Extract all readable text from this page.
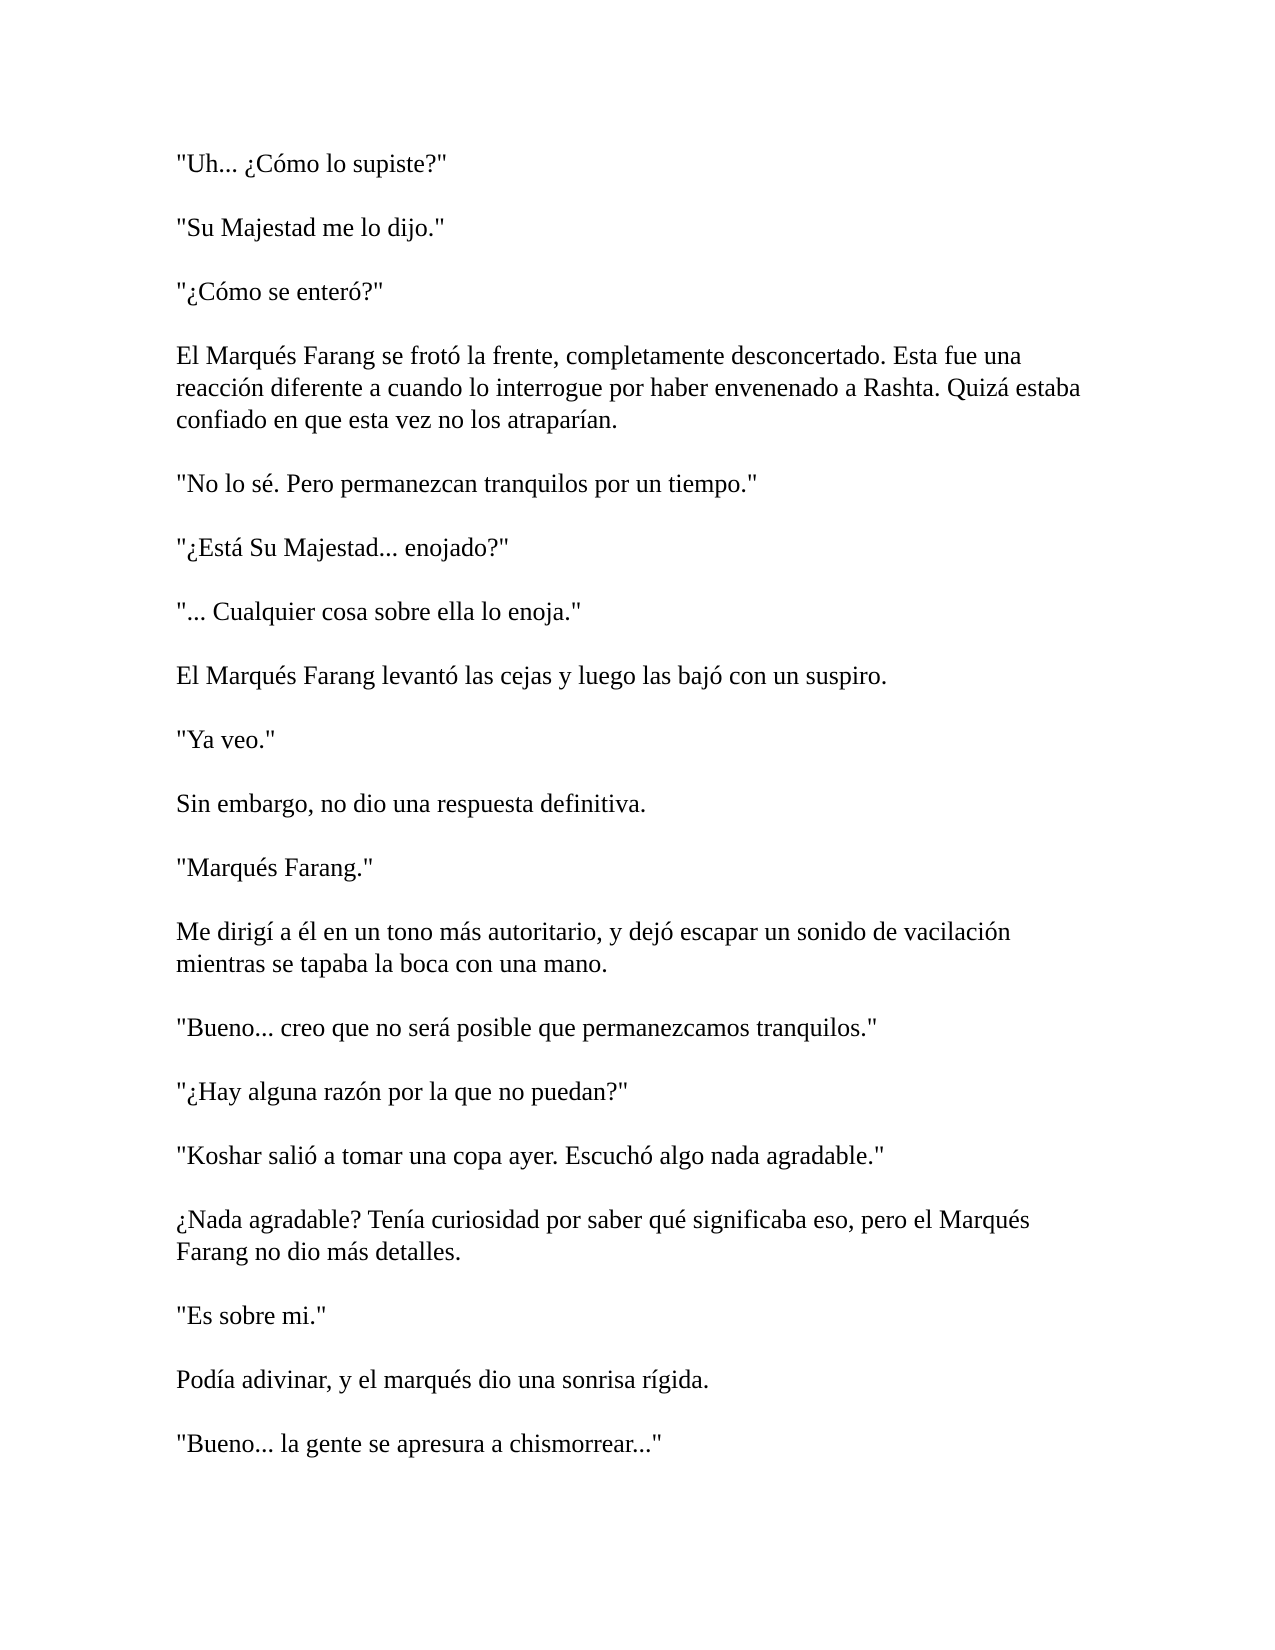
"Uh... ¿Cómo lo supiste?"

"Su Majestad me lo dijo."

"¿Cómo se enteró?"

El Marqués Farang se frotó la frente, completamente desconcertado. Esta fue una reacción diferente a cuando lo interrogue por haber envenenado a Rashta. Quizá estaba confiado en que esta vez no los atraparían.

"No lo sé. Pero permanezcan tranquilos por un tiempo."

"¿Está Su Majestad... enojado?"

"... Cualquier cosa sobre ella lo enoja."

El Marqués Farang levantó las cejas y luego las bajó con un suspiro.

"Ya veo."

Sin embargo, no dio una respuesta definitiva.

"Marqués Farang."

Me dirigí a él en un tono más autoritario, y dejó escapar un sonido de vacilación mientras se tapaba la boca con una mano.

"Bueno... creo que no será posible que permanezcamos tranquilos."

"¿Hay alguna razón por la que no puedan?"

"Koshar salió a tomar una copa ayer. Escuchó algo nada agradable."

¿Nada agradable? Tenía curiosidad por saber qué significaba eso, pero el Marqués Farang no dio más detalles.

"Es sobre mi."

Podía adivinar, y el marqués dio una sonrisa rígida.

"Bueno... la gente se apresura a chismorrear..."
